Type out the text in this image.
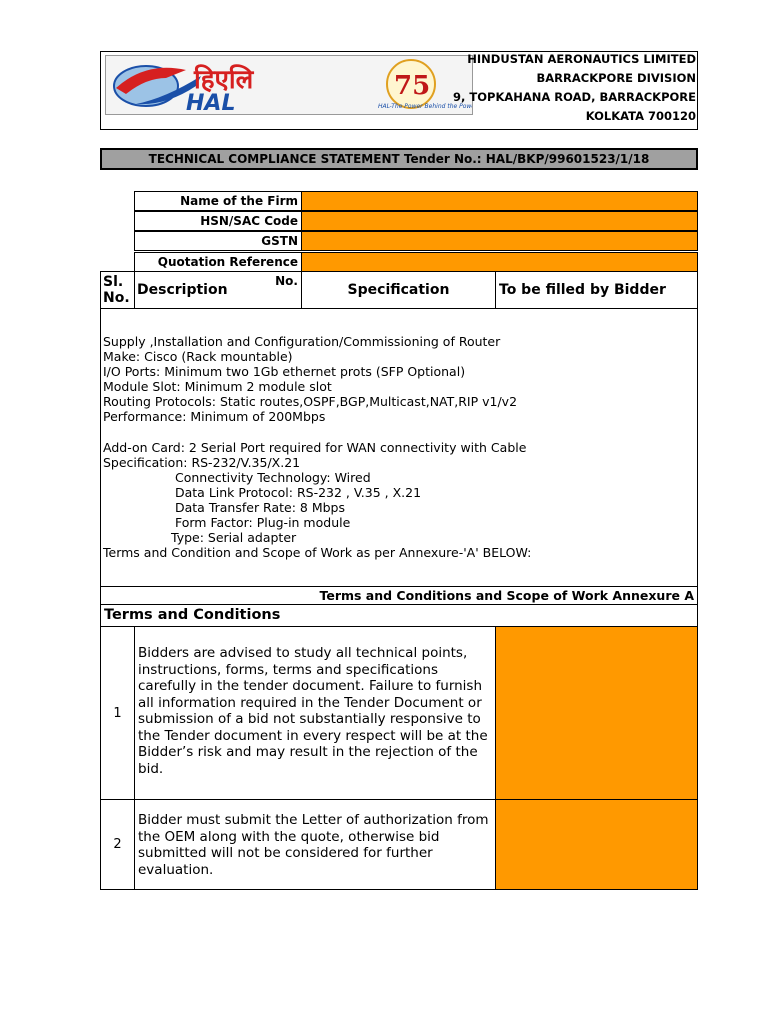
हिएलि
HAL
75
HAL-The Power Behind the Power
HINDUSTAN AERONAUTICS LIMITED
BARRACKPORE DIVISION
9, TOPKAHANA ROAD, BARRACKPORE
KOLKATA 700120
TECHNICAL COMPLIANCE STATEMENT Tender No.: HAL/BKP/99601523/1/18
Name of the Firm
HSN/SAC Code
GSTN
Quotation Reference No.
Sl.
No. Description	Specification	To be filled by Bidder
Supply ,Installation and Configuration/Commissioning of Router
Make: Cisco (Rack mountable)
I/O Ports: Minimum two 1Gb ethernet prots (SFP Optional)
Module Slot: Minimum 2 module slot
Routing Protocols: Static routes,OSPF,BGP,Multicast,NAT,RIP v1/v2
Performance: Minimum of 200Mbps
Add-on Card: 2 Serial Port required for WAN connectivity with Cable
Specification: RS-232/V.35/X.21
Connectivity Technology: Wired
Data Link Protocol: RS-232 , V.35 , X.21
Data Transfer Rate: 8 Mbps
Form Factor: Plug-in module
Type: Serial adapter
Terms and Condition and Scope of Work as per Annexure-'A' BELOW:
Terms and Conditions and Scope of Work Annexure A
Terms and Conditions
1
Bidders are advised to study all technical points, instructions, forms, terms and specifications carefully in the tender document. Failure to furnish all information required in the Tender Document or submission of a bid not substantially responsive to the Tender document in every respect will be at the Bidder’s risk and may result in the rejection of the bid.
2
Bidder must submit the Letter of authorization from the OEM along with the quote, otherwise bid submitted will not be considered for further evaluation.
